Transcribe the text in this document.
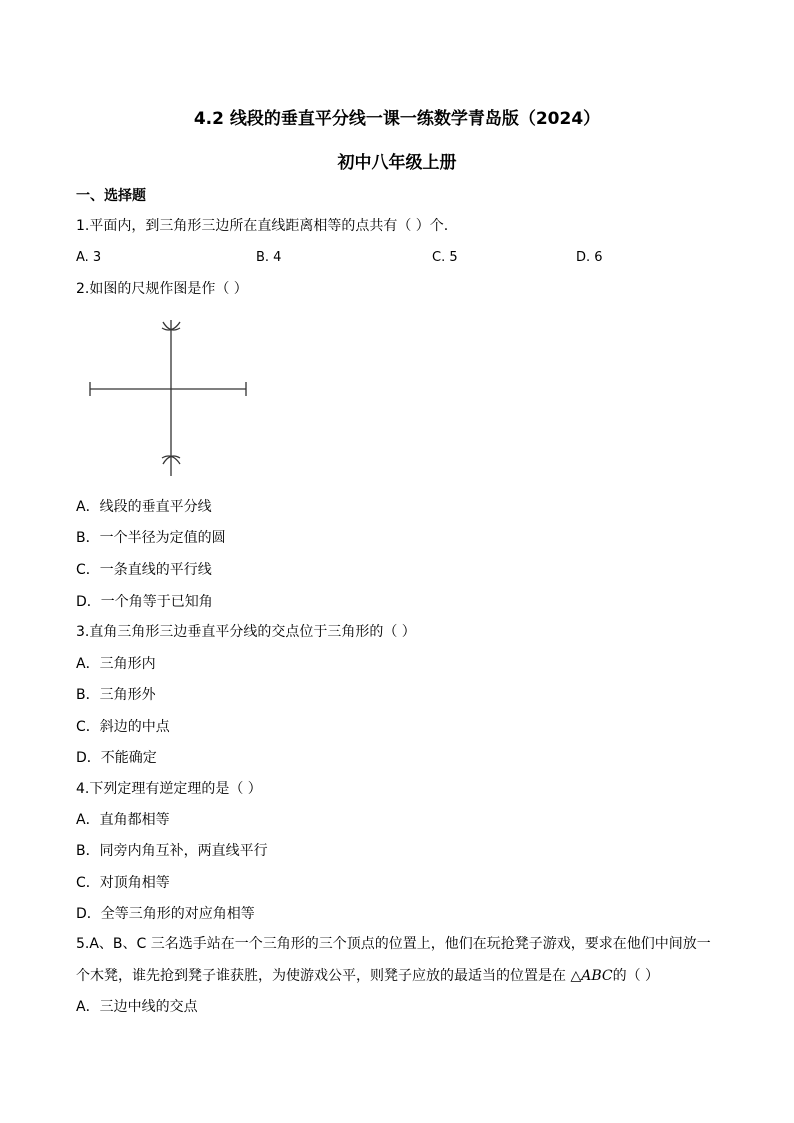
4.2 线段的垂直平分线一课一练数学青岛版（2024）
初中八年级上册
一、选择题
1.平面内，到三角形三边所在直线距离相等的点共有（ ）个.
A. 3	B. 4	C. 5	D. 6
2.如图的尺规作图是作（ ）
A．线段的垂直平分线
B．一个半径为定值的圆
C．一条直线的平行线
D．一个角等于已知角
3.直角三角形三边垂直平分线的交点位于三角形的（ ）
A．三角形内
B．三角形外
C．斜边的中点
D．不能确定
4.下列定理有逆定理的是（ ）
A．直角都相等
B．同旁内角互补，两直线平行
C．对顶角相等
D．全等三角形的对应角相等
5.A、B、C 三名选手站在一个三角形的三个顶点的位置上，他们在玩抢凳子游戏，要求在他们中间放一个木凳，谁先抢到凳子谁获胜，为使游戏公平，则凳子应放的最适当的位置是在 △ABC的（ ）
A．三边中线的交点
